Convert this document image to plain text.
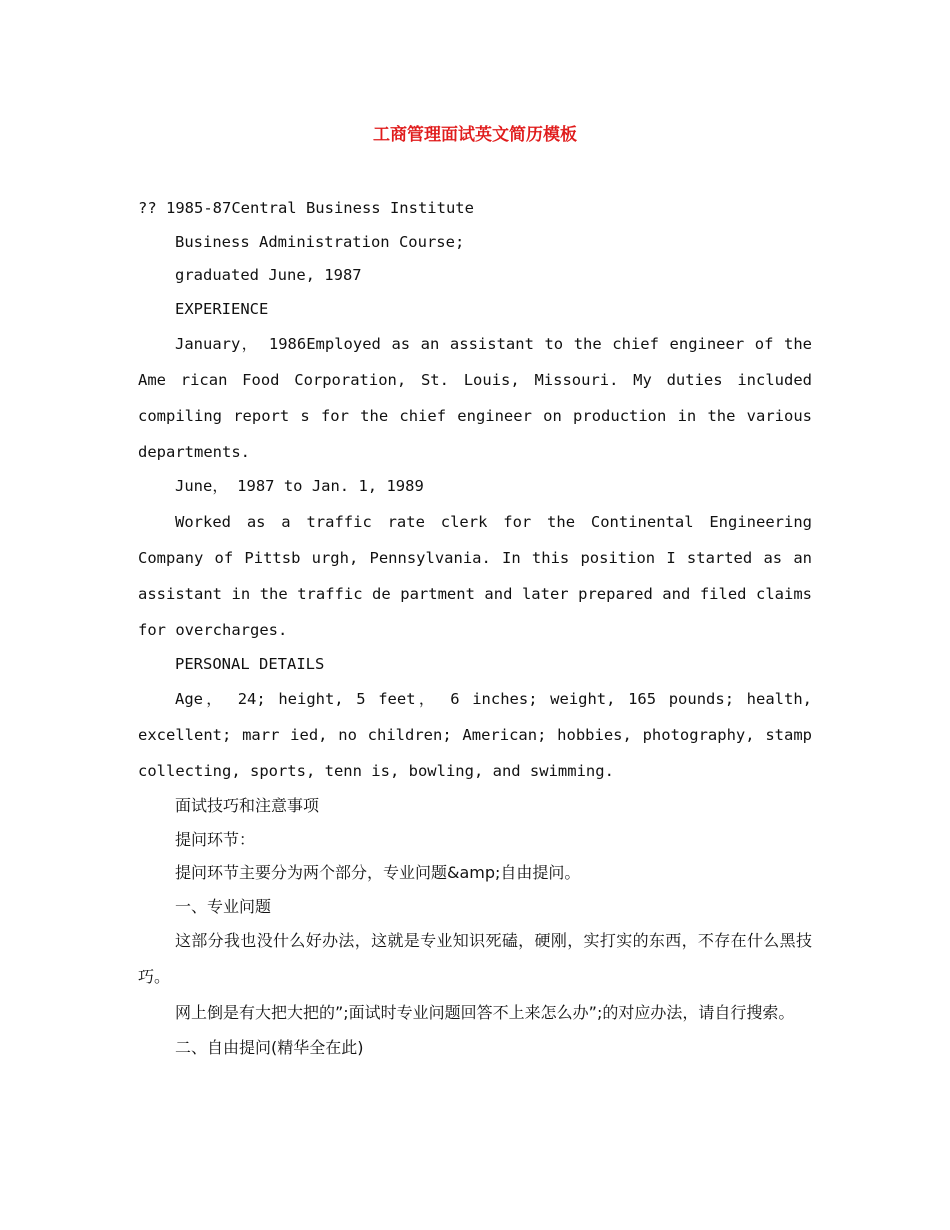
工商管理面试英文简历模板

?? 1985-87Central Business Institute

Business Administration Course;

graduated June, 1987

EXPERIENCE

January， 1986Employed as an assistant to the chief engineer of the Ame rican Food Corporation, St. Louis, Missouri. My duties included compiling report s for the chief engineer on production in the various departments.

June， 1987 to Jan. 1, 1989

Worked as a traffic rate clerk for the Continental Engineering Company of Pittsb urgh, Pennsylvania. In this position I started as an assistant in the traffic de partment and later prepared and filed claims for overcharges.

PERSONAL DETAILS

Age， 24; height, 5 feet， 6 inches; weight, 165 pounds; health, excellent; marr ied, no children; American; hobbies, photography, stamp collecting, sports, tenn is, bowling, and swimming.

面试技巧和注意事项

提问环节：

提问环节主要分为两个部分，专业问题&amp;自由提问。

一、专业问题

这部分我也没什么好办法，这就是专业知识死磕，硬刚，实打实的东西，不存在什么黑技巧。

网上倒是有大把大把的”;面试时专业问题回答不上来怎么办”;的对应办法，请自行搜索。

二、自由提问(精华全在此)
